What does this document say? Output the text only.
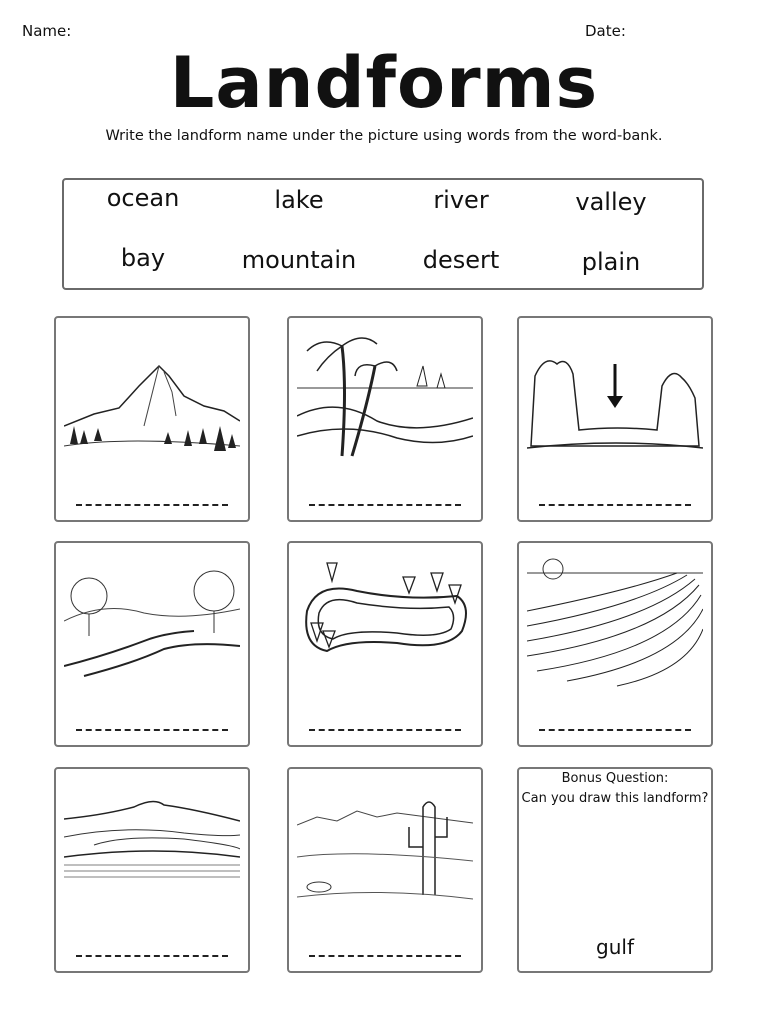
Name:	Date:
Landforms
Write the landform name under the picture using words from the word-bank.
ocean	lake	river	valley
bay	mountain	desert	plain
Bonus Question:
Can you draw this landform?
gulf
